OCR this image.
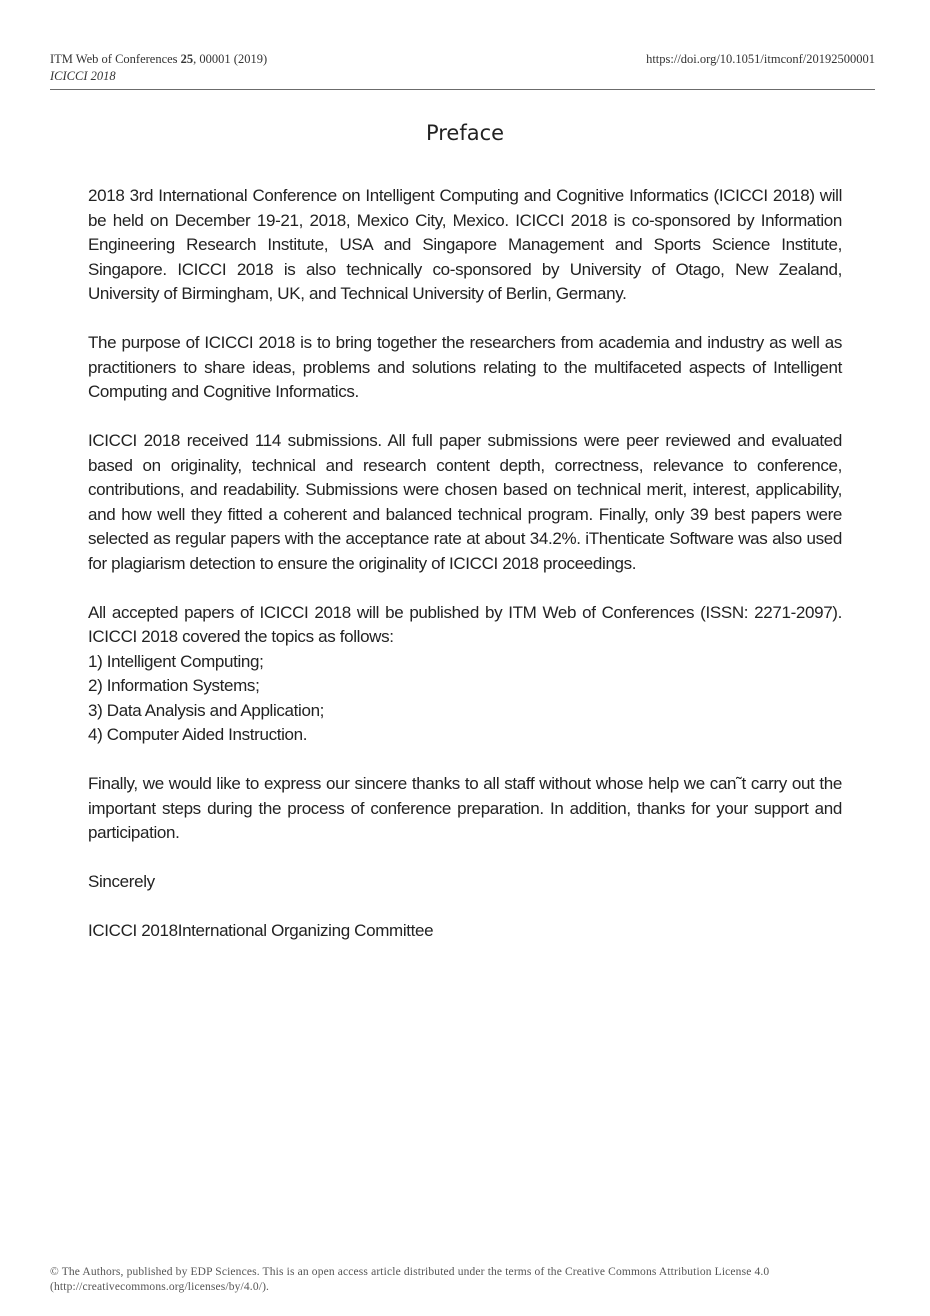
ITM Web of Conferences 25, 00001 (2019)
ICICCI 2018
https://doi.org/10.1051/itmconf/20192500001
Preface

2018 3rd International Conference on Intelligent Computing and Cognitive Informatics (ICICCI 2018) will be held on December 19-21, 2018, Mexico City, Mexico. ICICCI 2018 is co-sponsored by Information Engineering Research Institute, USA and Singapore Management and Sports Science Institute, Singapore. ICICCI 2018 is also technically co-sponsored by University of Otago, New Zealand, University of Birmingham, UK, and Technical University of Berlin, Germany.

The purpose of ICICCI 2018 is to bring together the researchers from academia and industry as well as practitioners to share ideas, problems and solutions relating to the multifaceted aspects of Intelligent Computing and Cognitive Informatics.

ICICCI 2018 received 114 submissions. All full paper submissions were peer reviewed and evaluated based on originality, technical and research content depth, correctness, relevance to conference, contributions, and readability. Submissions were chosen based on technical merit, interest, applicability, and how well they fitted a coherent and balanced technical program. Finally, only 39 best papers were selected as regular papers with the acceptance rate at about 34.2%. iThenticate Software was also used for plagiarism detection to ensure the originality of ICICCI 2018 proceedings.

All accepted papers of ICICCI 2018 will be published by ITM Web of Conferences (ISSN: 2271-2097). ICICCI 2018 covered the topics as follows:
1) Intelligent Computing;
2) Information Systems;
3) Data Analysis and Application;
4) Computer Aided Instruction.

Finally, we would like to express our sincere thanks to all staff without whose help we can˜t carry out the important steps during the process of conference preparation. In addition, thanks for your support and participation.

Sincerely

ICICCI 2018International Organizing Committee

© The Authors, published by EDP Sciences. This is an open access article distributed under the terms of the Creative Commons Attribution License 4.0 (http://creativecommons.org/licenses/by/4.0/).
